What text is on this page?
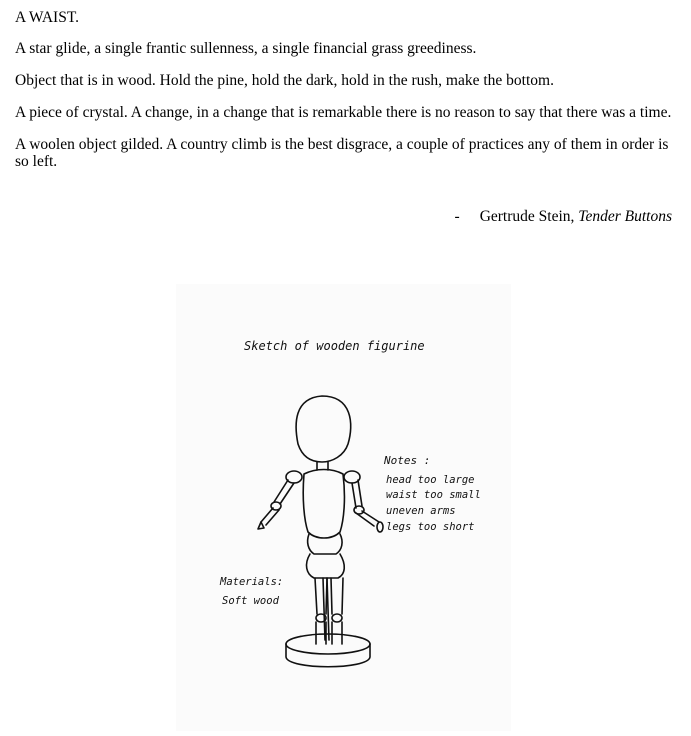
A WAIST.

A star glide, a single frantic sullenness, a single financial grass greediness.

Object that is in wood. Hold the pine, hold the dark, hold in the rush, make the bottom.

A piece of crystal. A change, in a change that is remarkable there is no reason to say that there was a time.

A woolen object gilded. A country climb is the best disgrace, a couple of practices any of them in order is so left.

- Gertrude Stein, Tender Buttons
Sketch of wooden figurine
Notes :
head too large
waist too small
uneven arms
legs too short
Materials:
Soft wood
